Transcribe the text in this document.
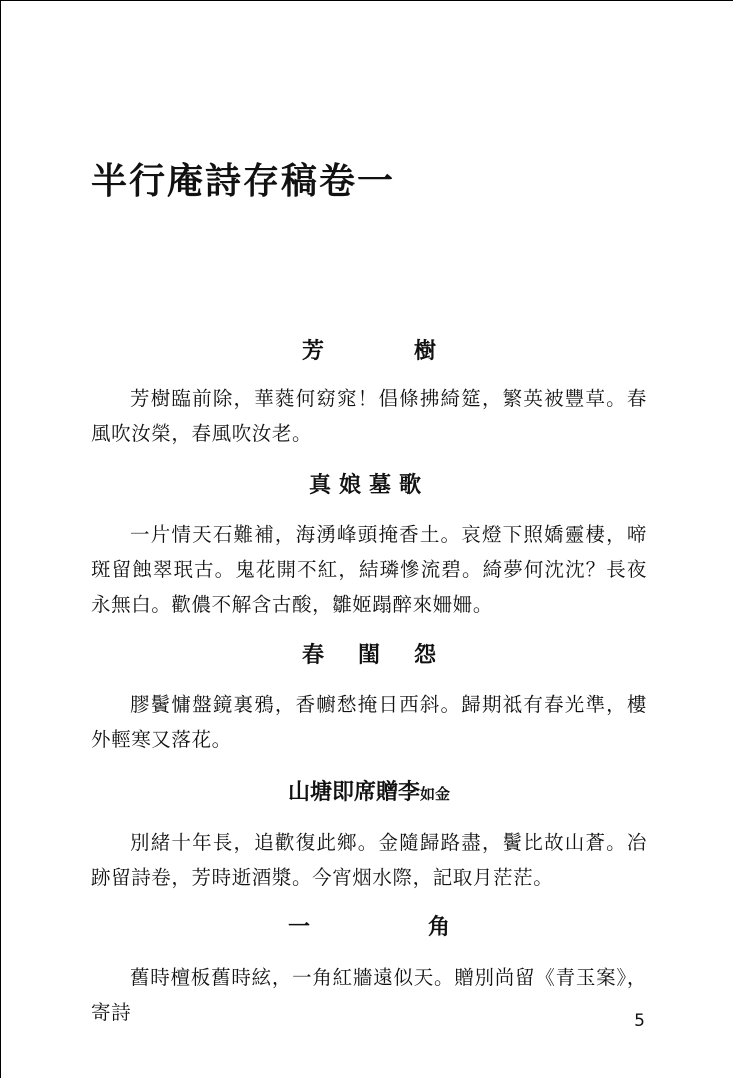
半行庵詩存稿卷一
芳　樹

芳樹臨前除，華蕤何窈窕！倡條拂綺筵，繁英被豐草。春風吹汝榮，春風吹汝老。

真娘墓歌

一片情天石難補，海湧峰頭掩香土。哀燈下照嬌靈棲，啼斑留蝕翠珉古。鬼花開不紅，結璘慘流碧。綺夢何沈沈？長夜永無白。歡儂不解含古酸，雛姬蹋醉來姍姍。

春閨怨

膠鬢慵盤鏡裏鴉，香幮愁掩日西斜。歸期祗有春光準，樓外輕寒又落花。

山塘即席贈李如金

別緒十年長，追歡復此鄉。金隨歸路盡，鬢比故山蒼。冶跡留詩卷，芳時逝酒漿。今宵烟水際，記取月茫茫。

一　角

舊時檀板舊時絃，一角紅牆遠似天。贈別尚留《青玉案》，寄詩	5
